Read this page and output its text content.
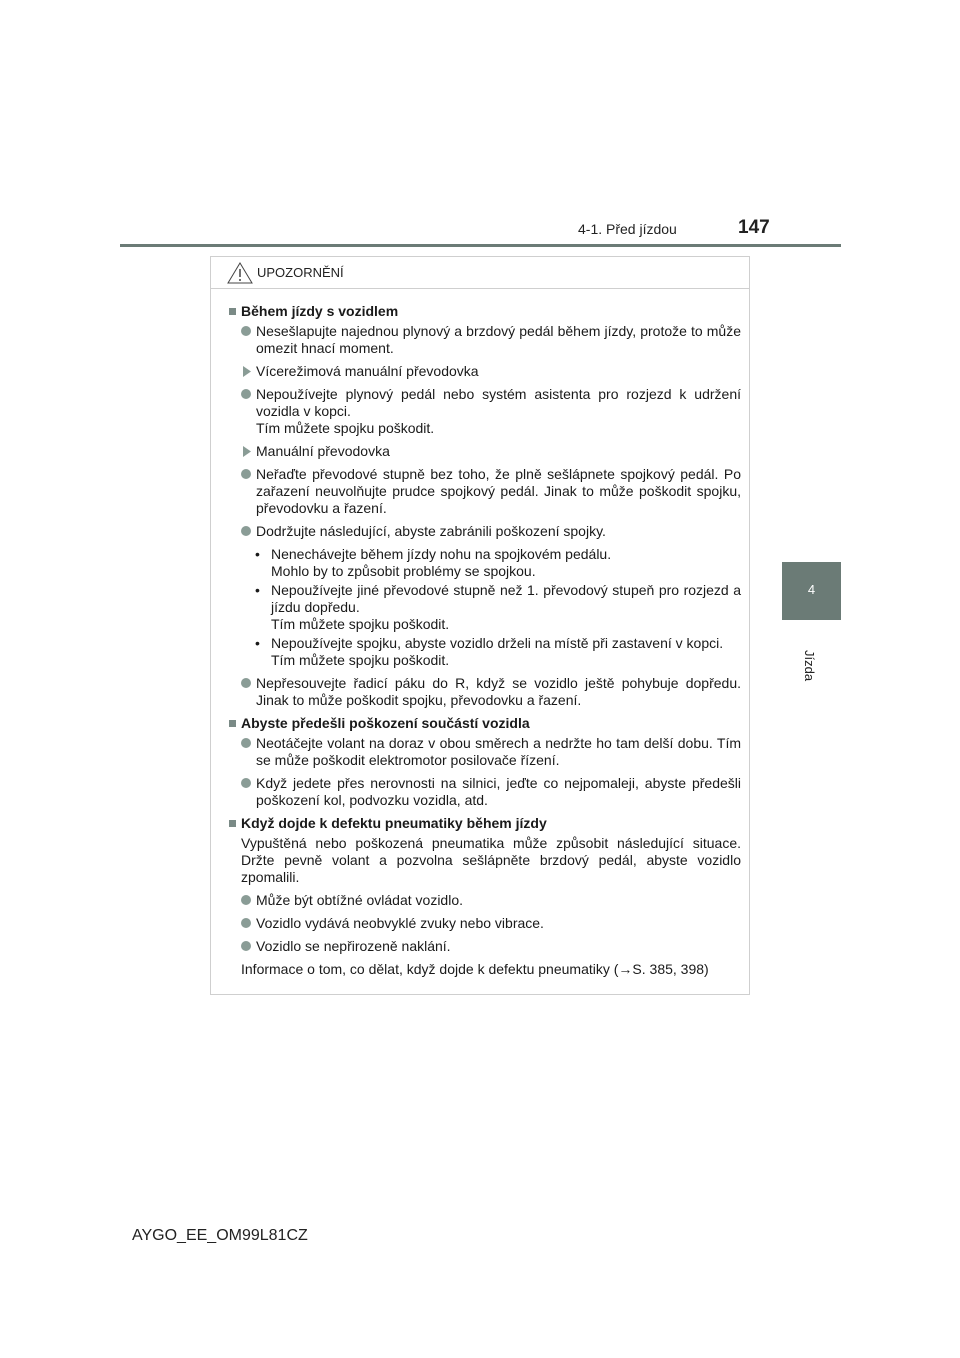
4-1. Před jízdou	147
4
Jízda
UPOZORNĚNÍ
Během jízdy s vozidlem
Nesešlapujte najednou plynový a brzdový pedál během jízdy, protože to může omezit hnací moment.
Vícerežimová manuální převodovka
Nepoužívejte plynový pedál nebo systém asistenta pro rozjezd k udržení vozidla v kopci.
Tím můžete spojku poškodit.
Manuální převodovka
Neřaďte převodové stupně bez toho, že plně sešlápnete spojkový pedál. Po zařazení neuvolňujte prudce spojkový pedál. Jinak to může poškodit spojku, převodovku a řazení.
Dodržujte následující, abyste zabránili poškození spojky.
• Nenechávejte během jízdy nohu na spojkovém pedálu.
Mohlo by to způsobit problémy se spojkou.
• Nepoužívejte jiné převodové stupně než 1. převodový stupeň pro rozjezd a jízdu dopředu.
Tím můžete spojku poškodit.
• Nepoužívejte spojku, abyste vozidlo drželi na místě při zastavení v kopci.
Tím můžete spojku poškodit.
Nepřesouvejte řadicí páku do R, když se vozidlo ještě pohybuje dopředu. Jinak to může poškodit spojku, převodovku a řazení.
Abyste předešli poškození součástí vozidla
Neotáčejte volant na doraz v obou směrech a nedržte ho tam delší dobu. Tím se může poškodit elektromotor posilovače řízení.
Když jedete přes nerovnosti na silnici, jeďte co nejpomaleji, abyste předešli poškození kol, podvozku vozidla, atd.
Když dojde k defektu pneumatiky během jízdy
Vypuštěná nebo poškozená pneumatika může způsobit následující situace. Držte pevně volant a pozvolna sešlápněte brzdový pedál, abyste vozidlo zpomalili.
Může být obtížné ovládat vozidlo.
Vozidlo vydává neobvyklé zvuky nebo vibrace.
Vozidlo se nepřirozeně naklání.
Informace o tom, co dělat, když dojde k defektu pneumatiky (→S. 385, 398)
AYGO_EE_OM99L81CZ
